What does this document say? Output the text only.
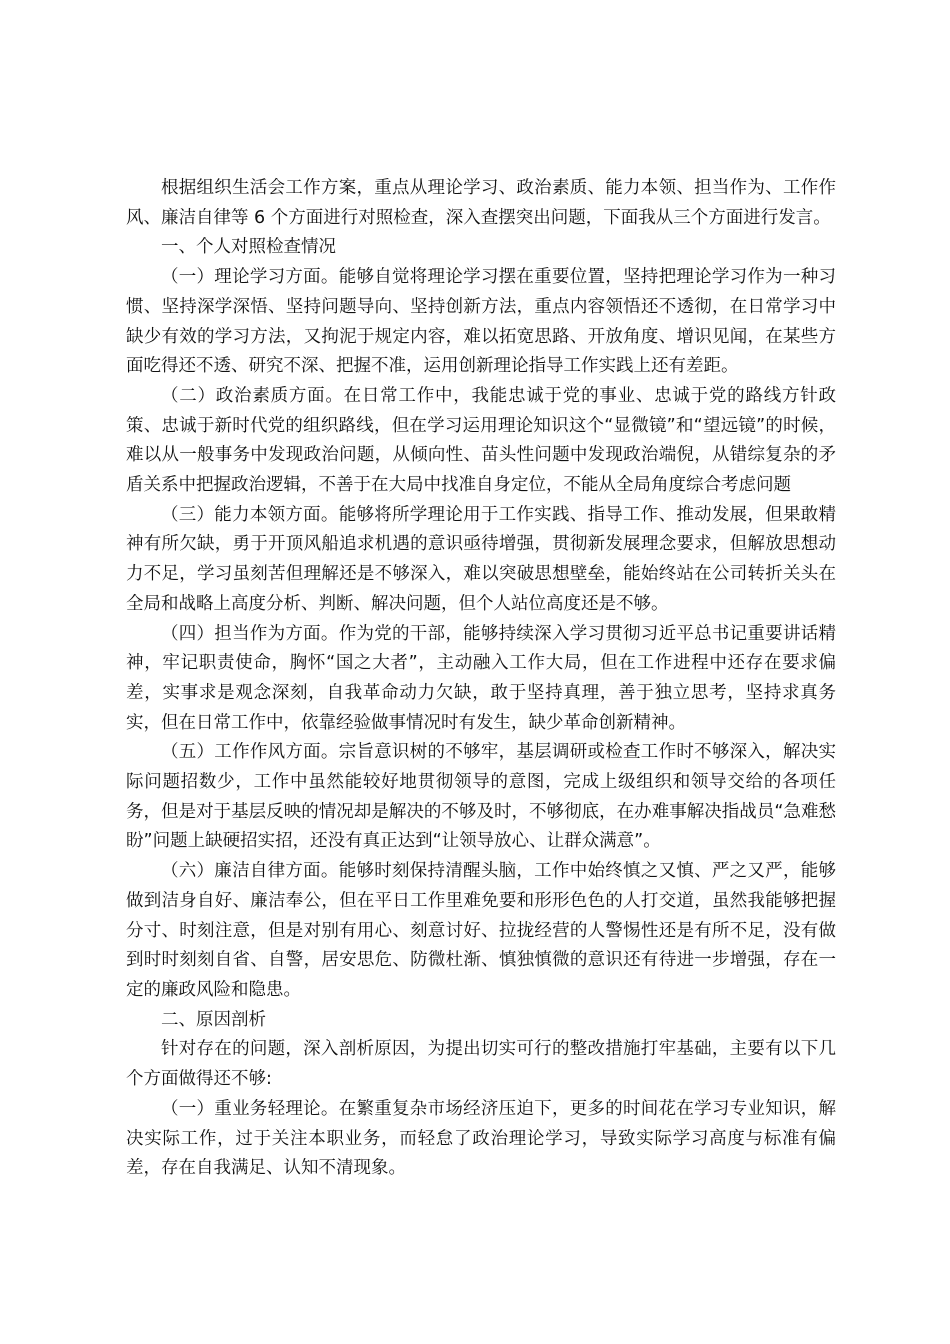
根据组织生活会工作方案，重点从理论学习、政治素质、能力本领、担当作为、工作作风、廉洁自律等 6 个方面进行对照检查，深入查摆突出问题，下面我从三个方面进行发言。

一、个人对照检查情况

（一）理论学习方面。能够自觉将理论学习摆在重要位置，坚持把理论学习作为一种习惯、坚持深学深悟、坚持问题导向、坚持创新方法，重点内容领悟还不透彻，在日常学习中缺少有效的学习方法，又拘泥于规定内容，难以拓宽思路、开放角度、增识见闻，在某些方面吃得还不透、研究不深、把握不准，运用创新理论指导工作实践上还有差距。

（二）政治素质方面。在日常工作中，我能忠诚于党的事业、忠诚于党的路线方针政策、忠诚于新时代党的组织路线，但在学习运用理论知识这个“显微镜”和“望远镜”的时候，难以从一般事务中发现政治问题，从倾向性、苗头性问题中发现政治端倪，从错综复杂的矛盾关系中把握政治逻辑，不善于在大局中找准自身定位，不能从全局角度综合考虑问题

（三）能力本领方面。能够将所学理论用于工作实践、指导工作、推动发展，但果敢精神有所欠缺，勇于开顶风船追求机遇的意识亟待增强，贯彻新发展理念要求，但解放思想动力不足，学习虽刻苦但理解还是不够深入，难以突破思想壁垒，能始终站在公司转折关头在全局和战略上高度分析、判断、解决问题，但个人站位高度还是不够。

（四）担当作为方面。作为党的干部，能够持续深入学习贯彻习近平总书记重要讲话精神，牢记职责使命，胸怀“国之大者”，主动融入工作大局，但在工作进程中还存在要求偏差，实事求是观念深刻，自我革命动力欠缺，敢于坚持真理，善于独立思考，坚持求真务实，但在日常工作中，依靠经验做事情况时有发生，缺少革命创新精神。

（五）工作作风方面。宗旨意识树的不够牢，基层调研或检查工作时不够深入，解决实际问题招数少，工作中虽然能较好地贯彻领导的意图，完成上级组织和领导交给的各项任务，但是对于基层反映的情况却是解决的不够及时，不够彻底，在办难事解决指战员“急难愁盼”问题上缺硬招实招，还没有真正达到“让领导放心、让群众满意”。

（六）廉洁自律方面。能够时刻保持清醒头脑，工作中始终慎之又慎、严之又严，能够做到洁身自好、廉洁奉公，但在平日工作里难免要和形形色色的人打交道，虽然我能够把握分寸、时刻注意，但是对别有用心、刻意讨好、拉拢经营的人警惕性还是有所不足，没有做到时时刻刻自省、自警，居安思危、防微杜渐、慎独慎微的意识还有待进一步增强，存在一定的廉政风险和隐患。

二、原因剖析

针对存在的问题，深入剖析原因，为提出切实可行的整改措施打牢基础，主要有以下几个方面做得还不够:

（一）重业务轻理论。在繁重复杂市场经济压迫下，更多的时间花在学习专业知识，解决实际工作，过于关注本职业务，而轻怠了政治理论学习，导致实际学习高度与标准有偏差，存在自我满足、认知不清现象。
